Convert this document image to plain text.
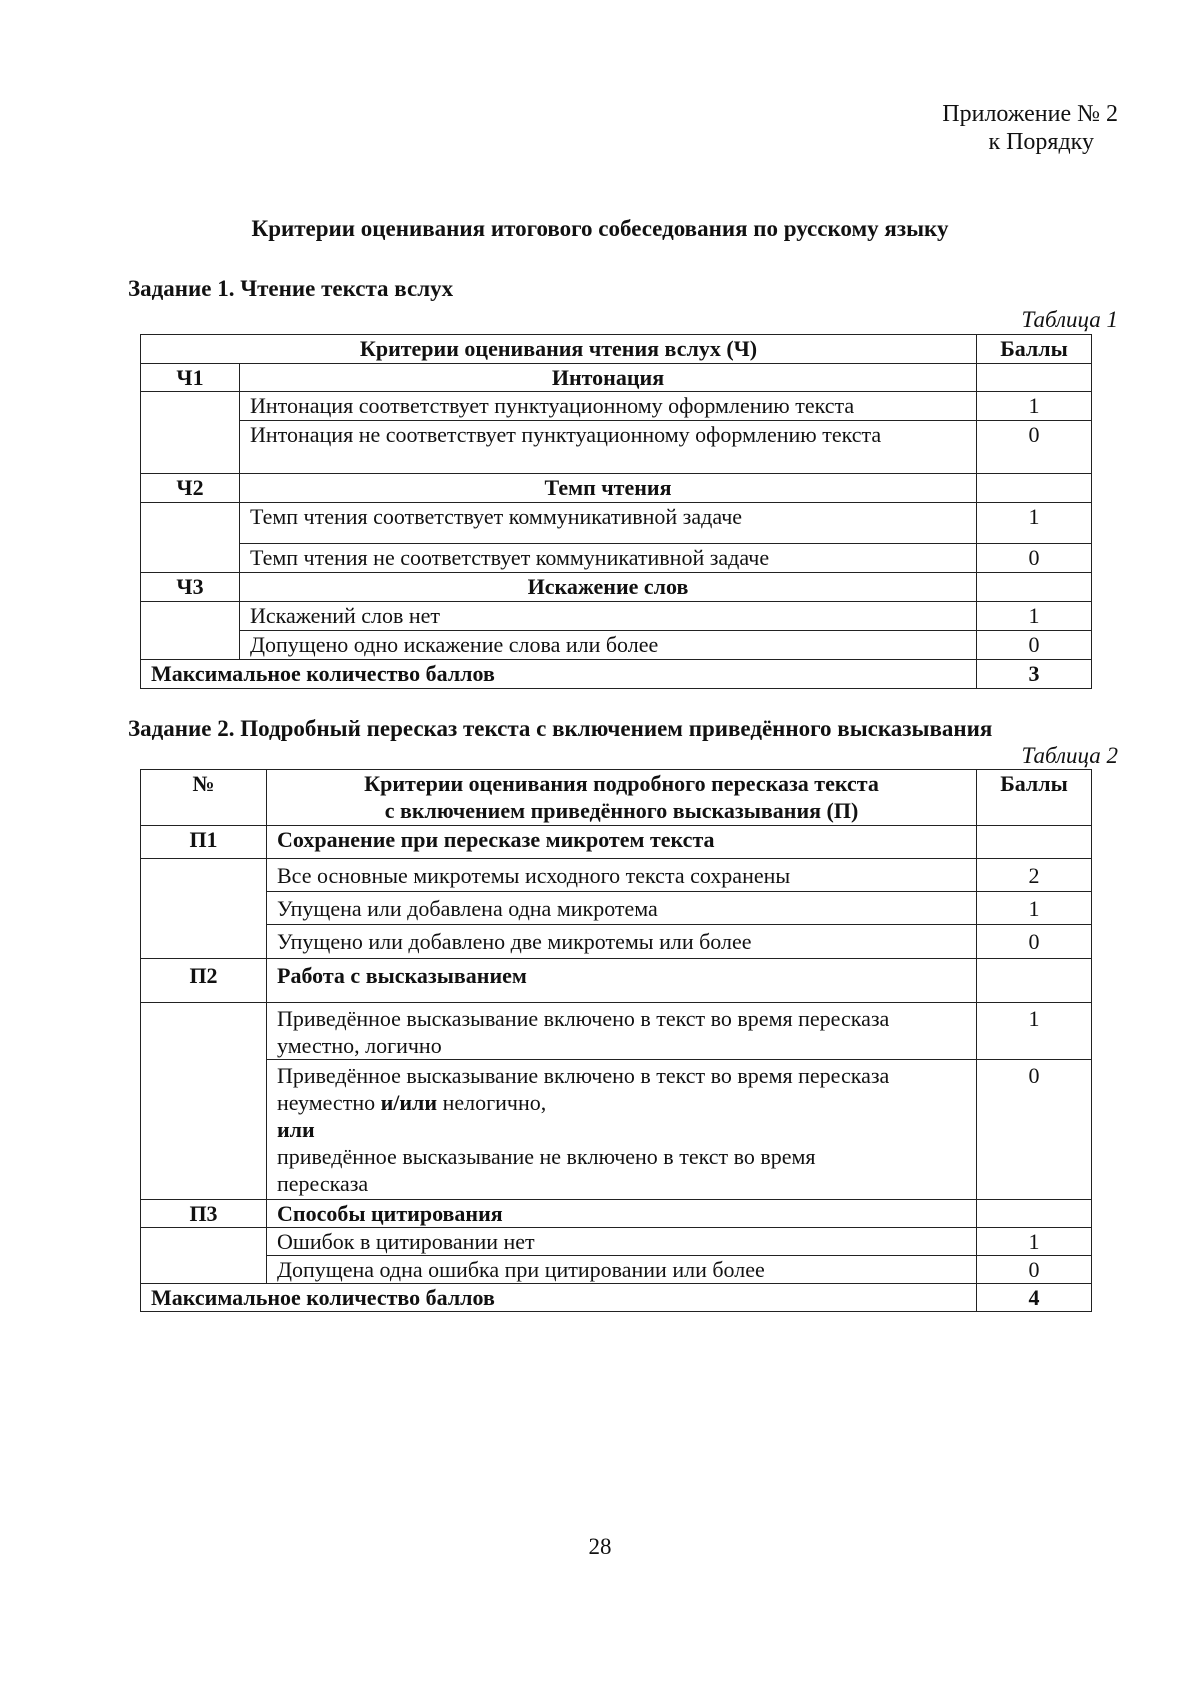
Приложение № 2
к Порядку
Критерии оценивания итогового собеседования по русскому языку
Задание 1. Чтение текста вслух
Таблица 1
Критерии оценивания чтения вслух (Ч)		Баллы
Ч1	Интонация	
	Интонация соответствует пунктуационному оформлению текста	1
	Интонация не соответствует пунктуационному оформлению текста	0
Ч2	Темп чтения	
	Темп чтения соответствует коммуникативной задаче	1
	Темп чтения не соответствует коммуникативной задаче	0
Ч3	Искажение слов	
	Искажений слов нет	1
	Допущено одно искажение слова или более	0
Максимальное количество баллов		3
Задание 2. Подробный пересказ текста с включением приведённого высказывания
Таблица 2
№	Критерии оценивания подробного пересказа текста
с включением приведённого высказывания (П)	Баллы
П1	Сохранение при пересказе микротем текста	
	Все основные микротемы исходного текста сохранены	2
	Упущена или добавлена одна микротема	1
	Упущено или добавлено две микротемы или более	0
П2	Работа с высказыванием	
	Приведённое высказывание включено в текст во время пересказа уместно, логично	1

	Приведённое высказывание включено в текст во время пересказа
неуместно и/или нелогично,
или
приведённое высказывание не включено в текст во время
пересказа	0
П3	Способы цитирования	
	Ошибок в цитировании нет	1
	Допущена одна ошибка при цитировании или более	0
Максимальное количество баллов		4
28
